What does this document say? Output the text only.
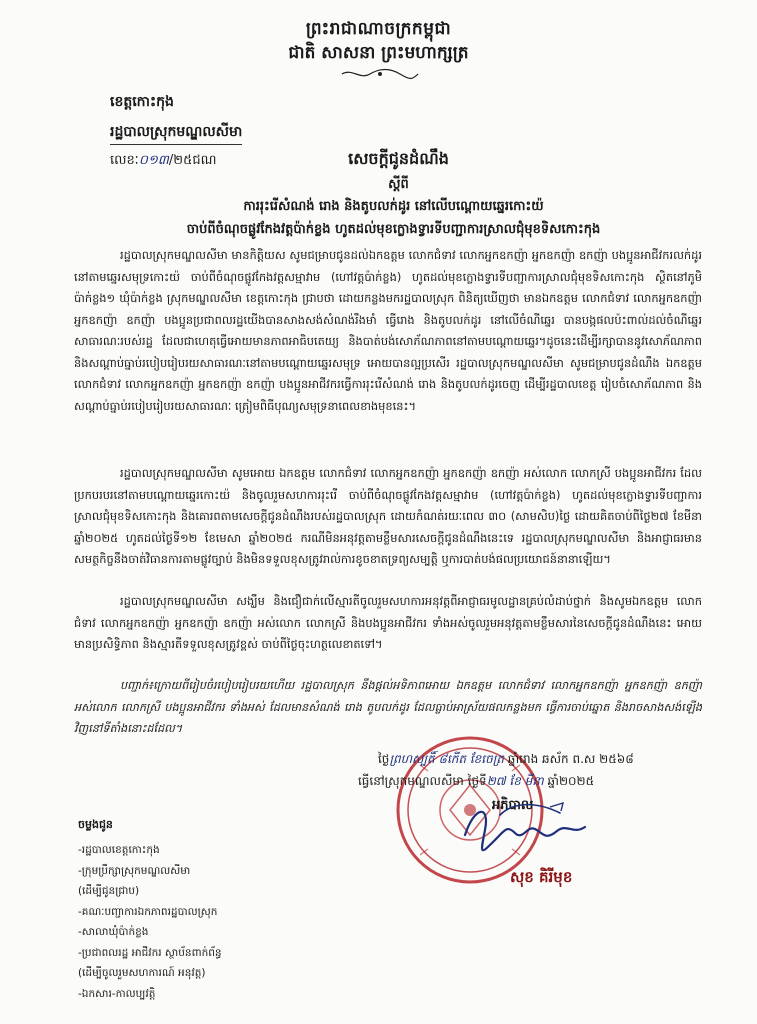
ព្រះរាជាណាចក្រកម្ពុជា
ជាតិ សាសនា ព្រះមហាក្សត្រ
ខេត្តកោះកុង
រដ្ឋបាលស្រុកមណ្ឌលសីមា
លេខៈ០១៣/២៥ជណ	សេចក្តីជូនដំណឹង
ស្តីពី
ការរុះរើសំណង់ រោង និងតូបលក់ដូរ នៅលើបណ្តោយឆ្នេរកោះយ៉
ចាប់ពីចំណុចផ្លូវកែងវត្តប៉ាក់ខ្លង ហូតដល់មុខក្លោងទ្វារទីបញ្ជាការស្រាលជុំមុខទិសកោះកុង
រដ្ឋបាលស្រុកមណ្ឌលសីមា មានកិត្តិយស សូមជម្រាបជូនដល់ឯកឧត្តម លោកជំទាវ លោកអ្នកឧកញ៉ា អ្នកឧកញ៉ា ឧកញ៉ា បងប្អូនអាជីវករលក់ដូរនៅតាមឆ្នេរសមុទ្រកោះយ៉ ចាប់ពីចំណុចផ្លូវកែងវត្តសម្មាវាម (ហៅវត្តប៉ាក់ខ្លង) ហូតដល់មុខក្លោងទ្វារទីបញ្ជាការស្រាលជុំមុខទិសកោះកុង ស្ថិតនៅភូមិប៉ាក់ខ្លង១ ឃុំប៉ាក់ខ្លង ស្រុកមណ្ឌលសីមា ខេត្តកោះកុង ជ្រាបថា ដោយកន្លងមករដ្ឋបាលស្រុក ពិនិត្យឃើញថា មានឯកឧត្តម លោកជំទាវ លោកអ្នកឧកញ៉ា អ្នកឧកញ៉ា ឧកញ៉ា បងប្អូនប្រជាពលរដ្ឋយើងបានសាងសង់សំណង់រឹងមាំ ធ្វើរោង និងតូបលក់ដូរ នៅលើចំណីឆ្នេរ បានបង្កផលប៉ះពាល់ដល់ចំណីឆ្នេរសាធារណៈរបស់រដ្ឋ ដែលជាហេតុធ្វើអោយមានភាពអាធិបតេយ្យ និងបាត់បង់សោភ័ណភាពនៅតាមបណ្តោយឆ្នេរ។ដូចនេះដើម្បីរក្សាបាននូវសោភ័ណភាព និងសណ្តាប់ធ្នាប់របៀបរៀបរយសាធារណៈនៅតាមបណ្តោយឆ្នេរសមុទ្រ អោយបានល្អប្រសើរ រដ្ឋបាលស្រុកមណ្ឌលសីមា សូមជម្រាបជូនដំណឹង ឯកឧត្តម លោកជំទាវ លោកអ្នកឧកញ៉ា អ្នកឧកញ៉ា ឧកញ៉ា បងប្អូនអាជីវករធ្វើការរុះរើសំណង់ រោង និងតូបលក់ដូរចេញ ដើម្បីរដ្ឋបាលខេត្ត រៀបចំសោភ័ណភាព និងសណ្តាប់ធ្នាប់របៀបរៀបរយសាធារណៈ ត្រៀមពិធីបុណ្យសមុទ្រនាពេលខាងមុខនេះ។
រដ្ឋបាលស្រុកមណ្ឌលសីមា សូមអោយ ឯកឧត្តម លោកជំទាវ លោកអ្នកឧកញ៉ា អ្នកឧកញ៉ា ឧកញ៉ា អស់លោក លោកស្រី បងប្អូនអាជីវករ ដែលប្រកបរបរនៅតាមបណ្តោយឆ្នេរកោះយ៉ និងចូលរួមសហការរុះរើ ចាប់ពីចំណុចផ្លូវកែងវត្តសម្មាវាម (ហៅវត្តប៉ាក់ខ្លង) ហូតដល់មុខក្លោងទ្វារទីបញ្ជាការស្រាលជុំមុខទិសកោះកុង និងគោរពតាមសេចក្តីជូនដំណឹងរបស់រដ្ឋបាលស្រុក ដោយកំណត់រយៈពេល ៣០ (សាមសិប)ថ្ងៃ ដោយគិតចាប់ពីថ្ងៃ២៧ ខែមីនា ឆ្នាំ២០២៥ ហូតដល់ថ្ងៃទី១២ ខែមេសា ឆ្នាំ២០២៥ ករណីមិនអនុវត្តតាមខ្លឹមសារសេចក្តីជូនដំណឹងនេះទេ រដ្ឋបាលស្រុកមណ្ឌលសីមា និងអាជ្ញាធរមានសមត្ថកិច្ចនឹងចាត់វិធានការតាមផ្លូវច្បាប់ និងមិនទទួលខុសត្រូវរាល់ការខូចខាតទ្រព្យសម្បត្តិ ឬការបាត់បង់ផលប្រយោជន៍នានាឡើយ។
រដ្ឋបាលស្រុកមណ្ឌលសីមា សង្ឃឹម និងជឿជាក់លើស្មារតីចូលរួមសហការអនុវត្តពីអាជ្ញាធរមូលដ្ឋានគ្រប់លំដាប់ថ្នាក់ និងសូមឯកឧត្តម លោកជំទាវ លោកអ្នកឧកញ៉ា អ្នកឧកញ៉ា ឧកញ៉ា អស់លោក លោកស្រី និងបងប្អូនអាជីវករ ទាំងអស់ចូលរួមអនុវត្តតាមខ្លឹមសារនៃសេចក្តីជូនដំណឹងនេះ អោយមានប្រសិទ្ធិភាព និងស្មារតីទទួលខុសត្រូវខ្ពស់ ចាប់ពីថ្ងៃចុះហត្ថលេខាតទៅ។
បញ្ជាក់៖ក្រោយពីរៀបចំរបៀបរៀបរយហើយ រដ្ឋបាលស្រុក នឹងផ្តល់អទិភាពអោយ ឯកឧត្តម លោកជំទាវ លោកអ្នកឧកញ៉ា អ្នកឧកញ៉ា ឧកញ៉ា អស់លោក លោកស្រី បងប្អូនអាជីវករ ទាំងអស់ ដែលមានសំណង់ រោង តូបលក់ដូរ ដែលធ្លាប់អាស្រ័យផលកន្លងមក ធ្វើការចាប់ឆ្នោត និងរាចសាងសង់ឡើងវិញនៅទីតាំងនោះដដែល។
ថ្ងៃព្រហស្បតិ៍ ៨កើត ខែចេត្រ ឆ្នាំរោង ឆស័ក ព.ស ២៥៦៨
ធ្វើនៅស្រុកមណ្ឌលសីមា ថ្ងៃទី២៧ ខែ មីនា ឆ្នាំ២០២៥
អភិបាល
សុខ គិរីមុខ
ចម្លងជូន
-រដ្ឋបាលខេត្តកោះកុង
-ក្រុមប្រឹក្សាស្រុកមណ្ឌលសីមា
(ដើម្បីជូនជ្រាប)
-គណៈបញ្ជាការឯកភាពរដ្ឋបាលស្រុក
-សាលាឃុំប៉ាក់ខ្លង
-ប្រជាពលរដ្ឋ អាជីវករ ស្ថាប័នពាក់ព័ន្ធ
(ដើម្បីចូលរួមសហការណ៍ អនុវត្ត)
-ឯកសារ-កាលប្បវត្តិ
